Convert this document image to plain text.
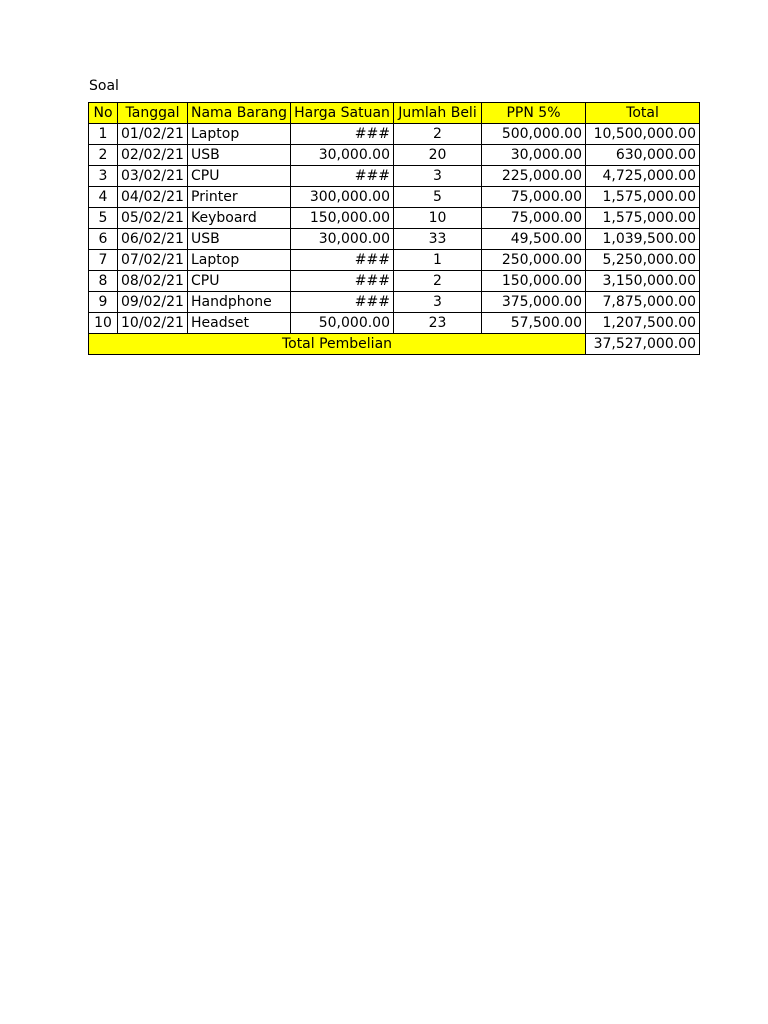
Soal
No	Tanggal	Nama Barang	Harga Satuan	Jumlah Beli	PPN 5%	Total
1	01/02/21	Laptop	###	2	500,000.00	10,500,000.00
2	02/02/21	USB	30,000.00	20	30,000.00	630,000.00
3	03/02/21	CPU	###	3	225,000.00	4,725,000.00
4	04/02/21	Printer	300,000.00	5	75,000.00	1,575,000.00
5	05/02/21	Keyboard	150,000.00	10	75,000.00	1,575,000.00
6	06/02/21	USB	30,000.00	33	49,500.00	1,039,500.00
7	07/02/21	Laptop	###	1	250,000.00	5,250,000.00
8	08/02/21	CPU	###	2	150,000.00	3,150,000.00
9	09/02/21	Handphone	###	3	375,000.00	7,875,000.00
10	10/02/21	Headset	50,000.00	23	57,500.00	1,207,500.00
Total Pembelian						37,527,000.00
